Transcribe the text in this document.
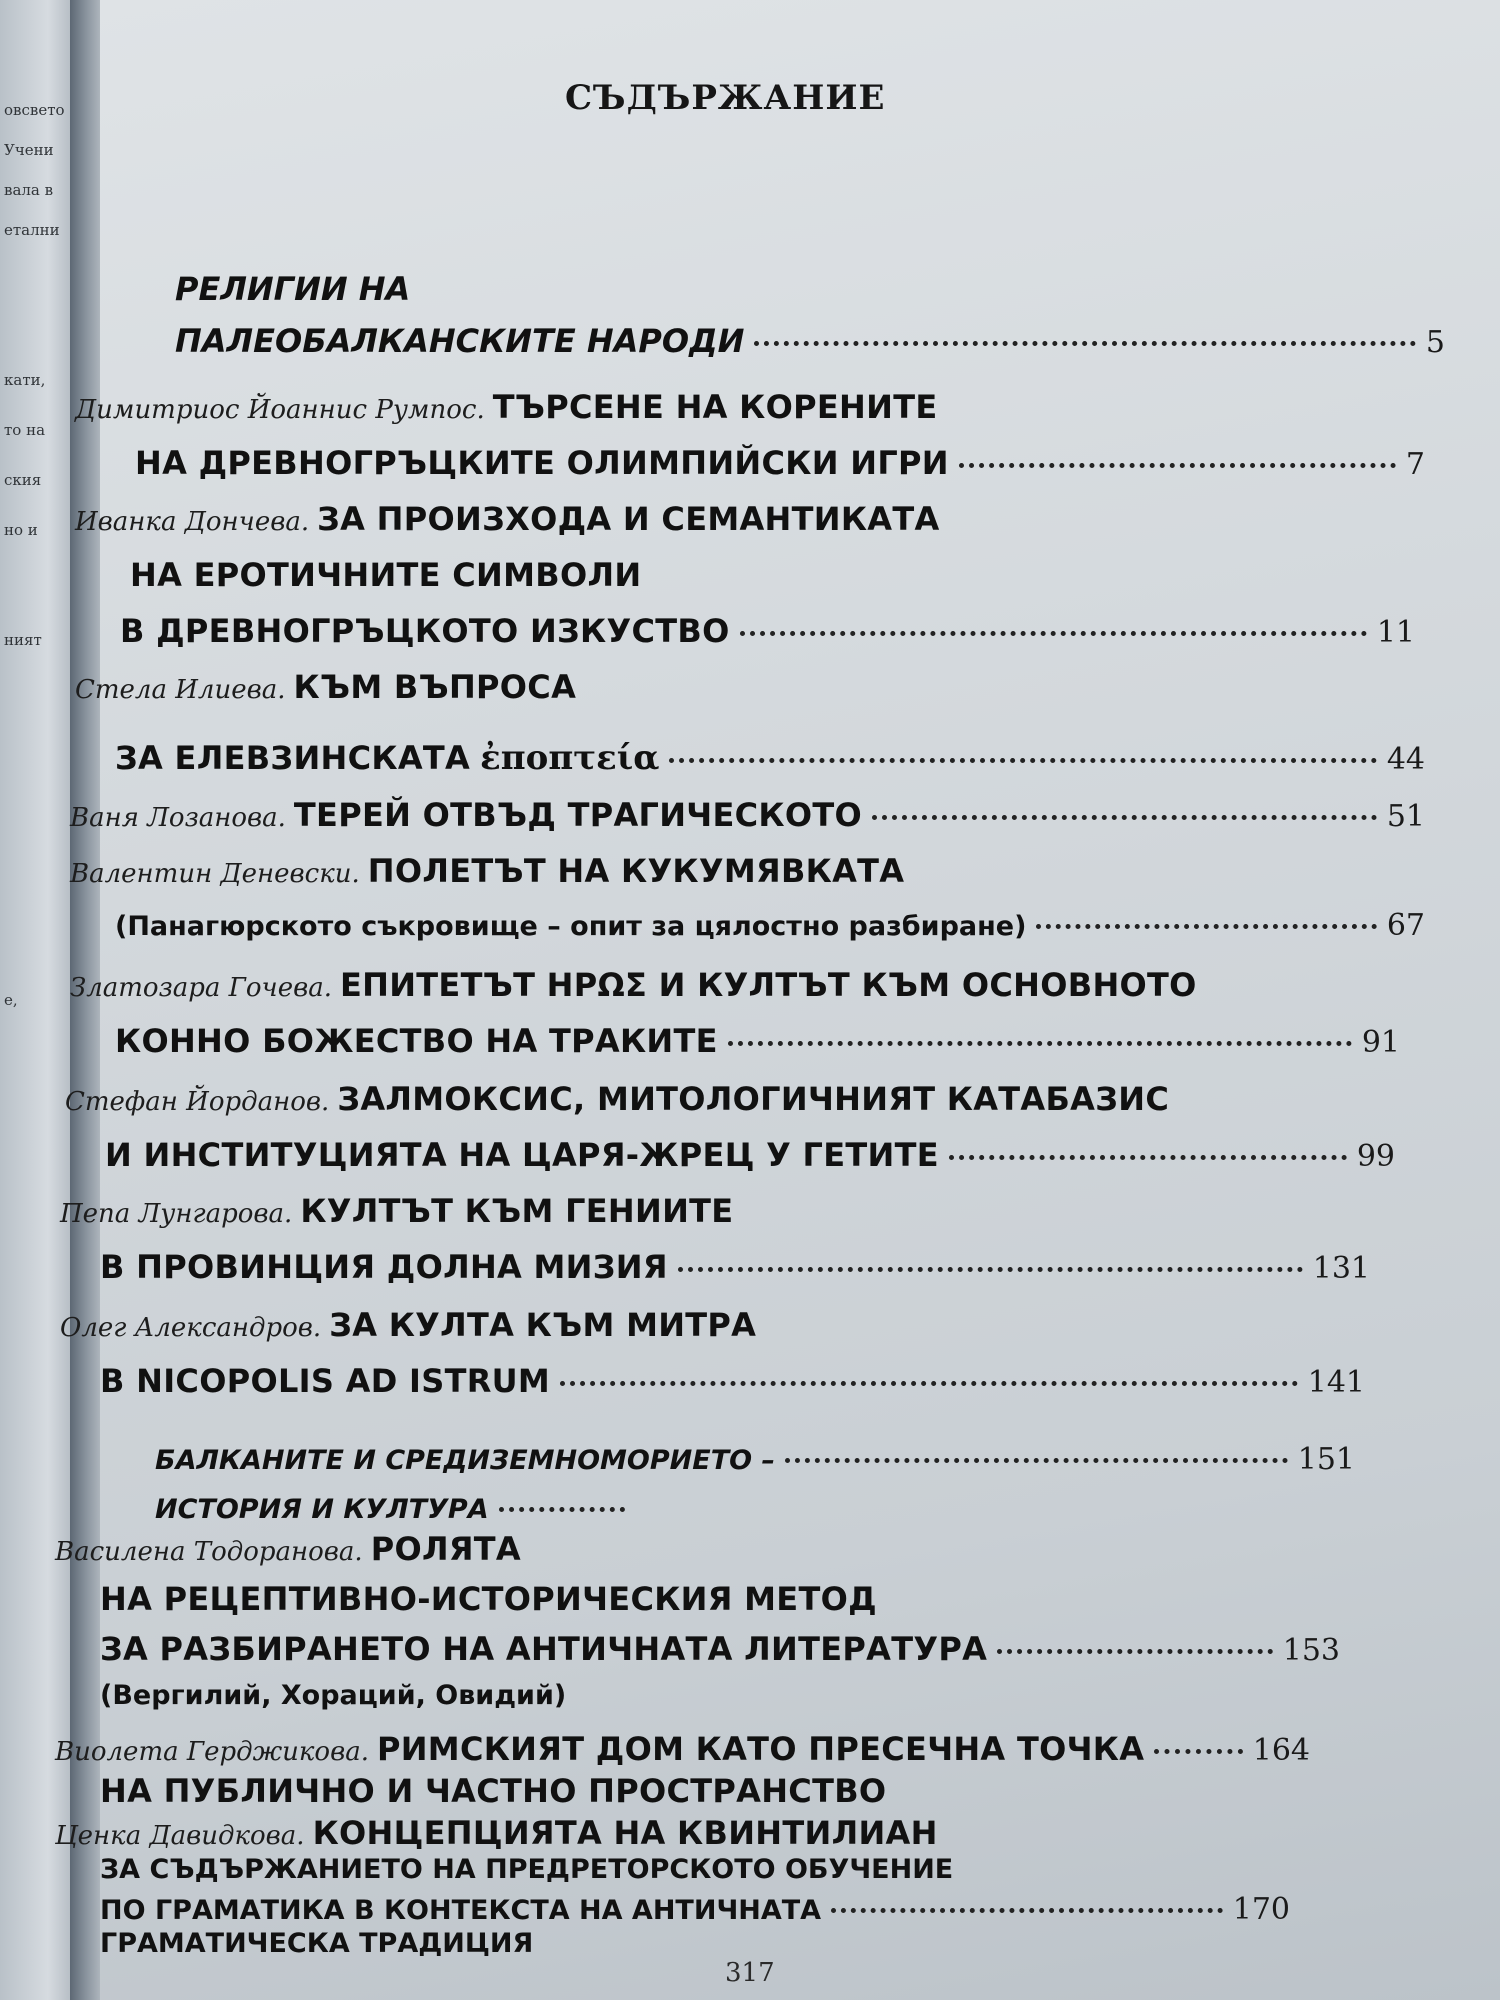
овсвето
Учени
вала в
етални
кати,
то на
ския
но и
ният
е,
СЪДЪРЖАНИЕ
РЕЛИГИИ НА
ПАЛЕОБАЛКАНСКИТЕ НАРОДИ	5
Димитриос Йоаннис Румпос. ТЪРСЕНЕ НА КОРЕНИТЕ
НА ДРЕВНОГРЪЦКИТЕ ОЛИМПИЙСКИ ИГРИ	7
Иванка Дончева. ЗА ПРОИЗХОДА И СЕМАНТИКАТА
НА ЕРОТИЧНИТЕ СИМВОЛИ
В ДРЕВНОГРЪЦКОТО ИЗКУСТВО	11
Стела Илиева. КЪМ ВЪПРОСА
ЗА ЕЛЕВЗИНСКАТА ἐποπτεία	44
Ваня Лозанова. ТЕРЕЙ ОТВЪД ТРАГИЧЕСКОТО	51
Валентин Деневски. ПОЛЕТЪТ НА КУКУМЯВКАТА
(Панагюрското съкровище – опит за цялостно разбиране)	67
Златозара Гочева. ЕПИТЕТЪТ ΗΡΩΣ И КУЛТЪТ КЪМ ОСНОВНОТО
КОННО БОЖЕСТВО НА ТРАКИТЕ	91
Стефан Йорданов. ЗАЛМОКСИС, МИТОЛОГИЧНИЯТ КАТАБАЗИС
И ИНСТИТУЦИЯТА НА ЦАРЯ-ЖРЕЦ У ГЕТИТЕ	99
Пепа Лунгарова. КУЛТЪТ КЪМ ГЕНИИТЕ
В ПРОВИНЦИЯ ДОЛНА МИЗИЯ	131
Олег Александров. ЗА КУЛТА КЪМ МИТРА
В NICOPOLIS AD ISTRUM	141
БАЛКАНИТЕ И СРЕДИЗЕМНОМОРИЕТО –	151
ИСТОРИЯ И КУЛТУРА
Василена Тодоранова. РОЛЯТА
НА РЕЦЕПТИВНО-ИСТОРИЧЕСКИЯ МЕТОД
ЗА РАЗБИРАНЕТО НА АНТИЧНАТА ЛИТЕРАТУРА	153
(Вергилий, Хораций, Овидий)
Виолета Герджикова. РИМСКИЯТ ДОМ КАТО ПРЕСЕЧНА ТОЧКА	164
НА ПУБЛИЧНО И ЧАСТНО ПРОСТРАНСТВО
Ценка Давидкова. КОНЦЕПЦИЯТА НА КВИНТИЛИАН
ЗА СЪДЪРЖАНИЕТО НА ПРЕДРЕТОРСКОТО ОБУЧЕНИЕ
ПО ГРАМАТИКА В КОНТЕКСТА НА АНТИЧНАТА	170
ГРАМАТИЧЕСКА ТРАДИЦИЯ
317
